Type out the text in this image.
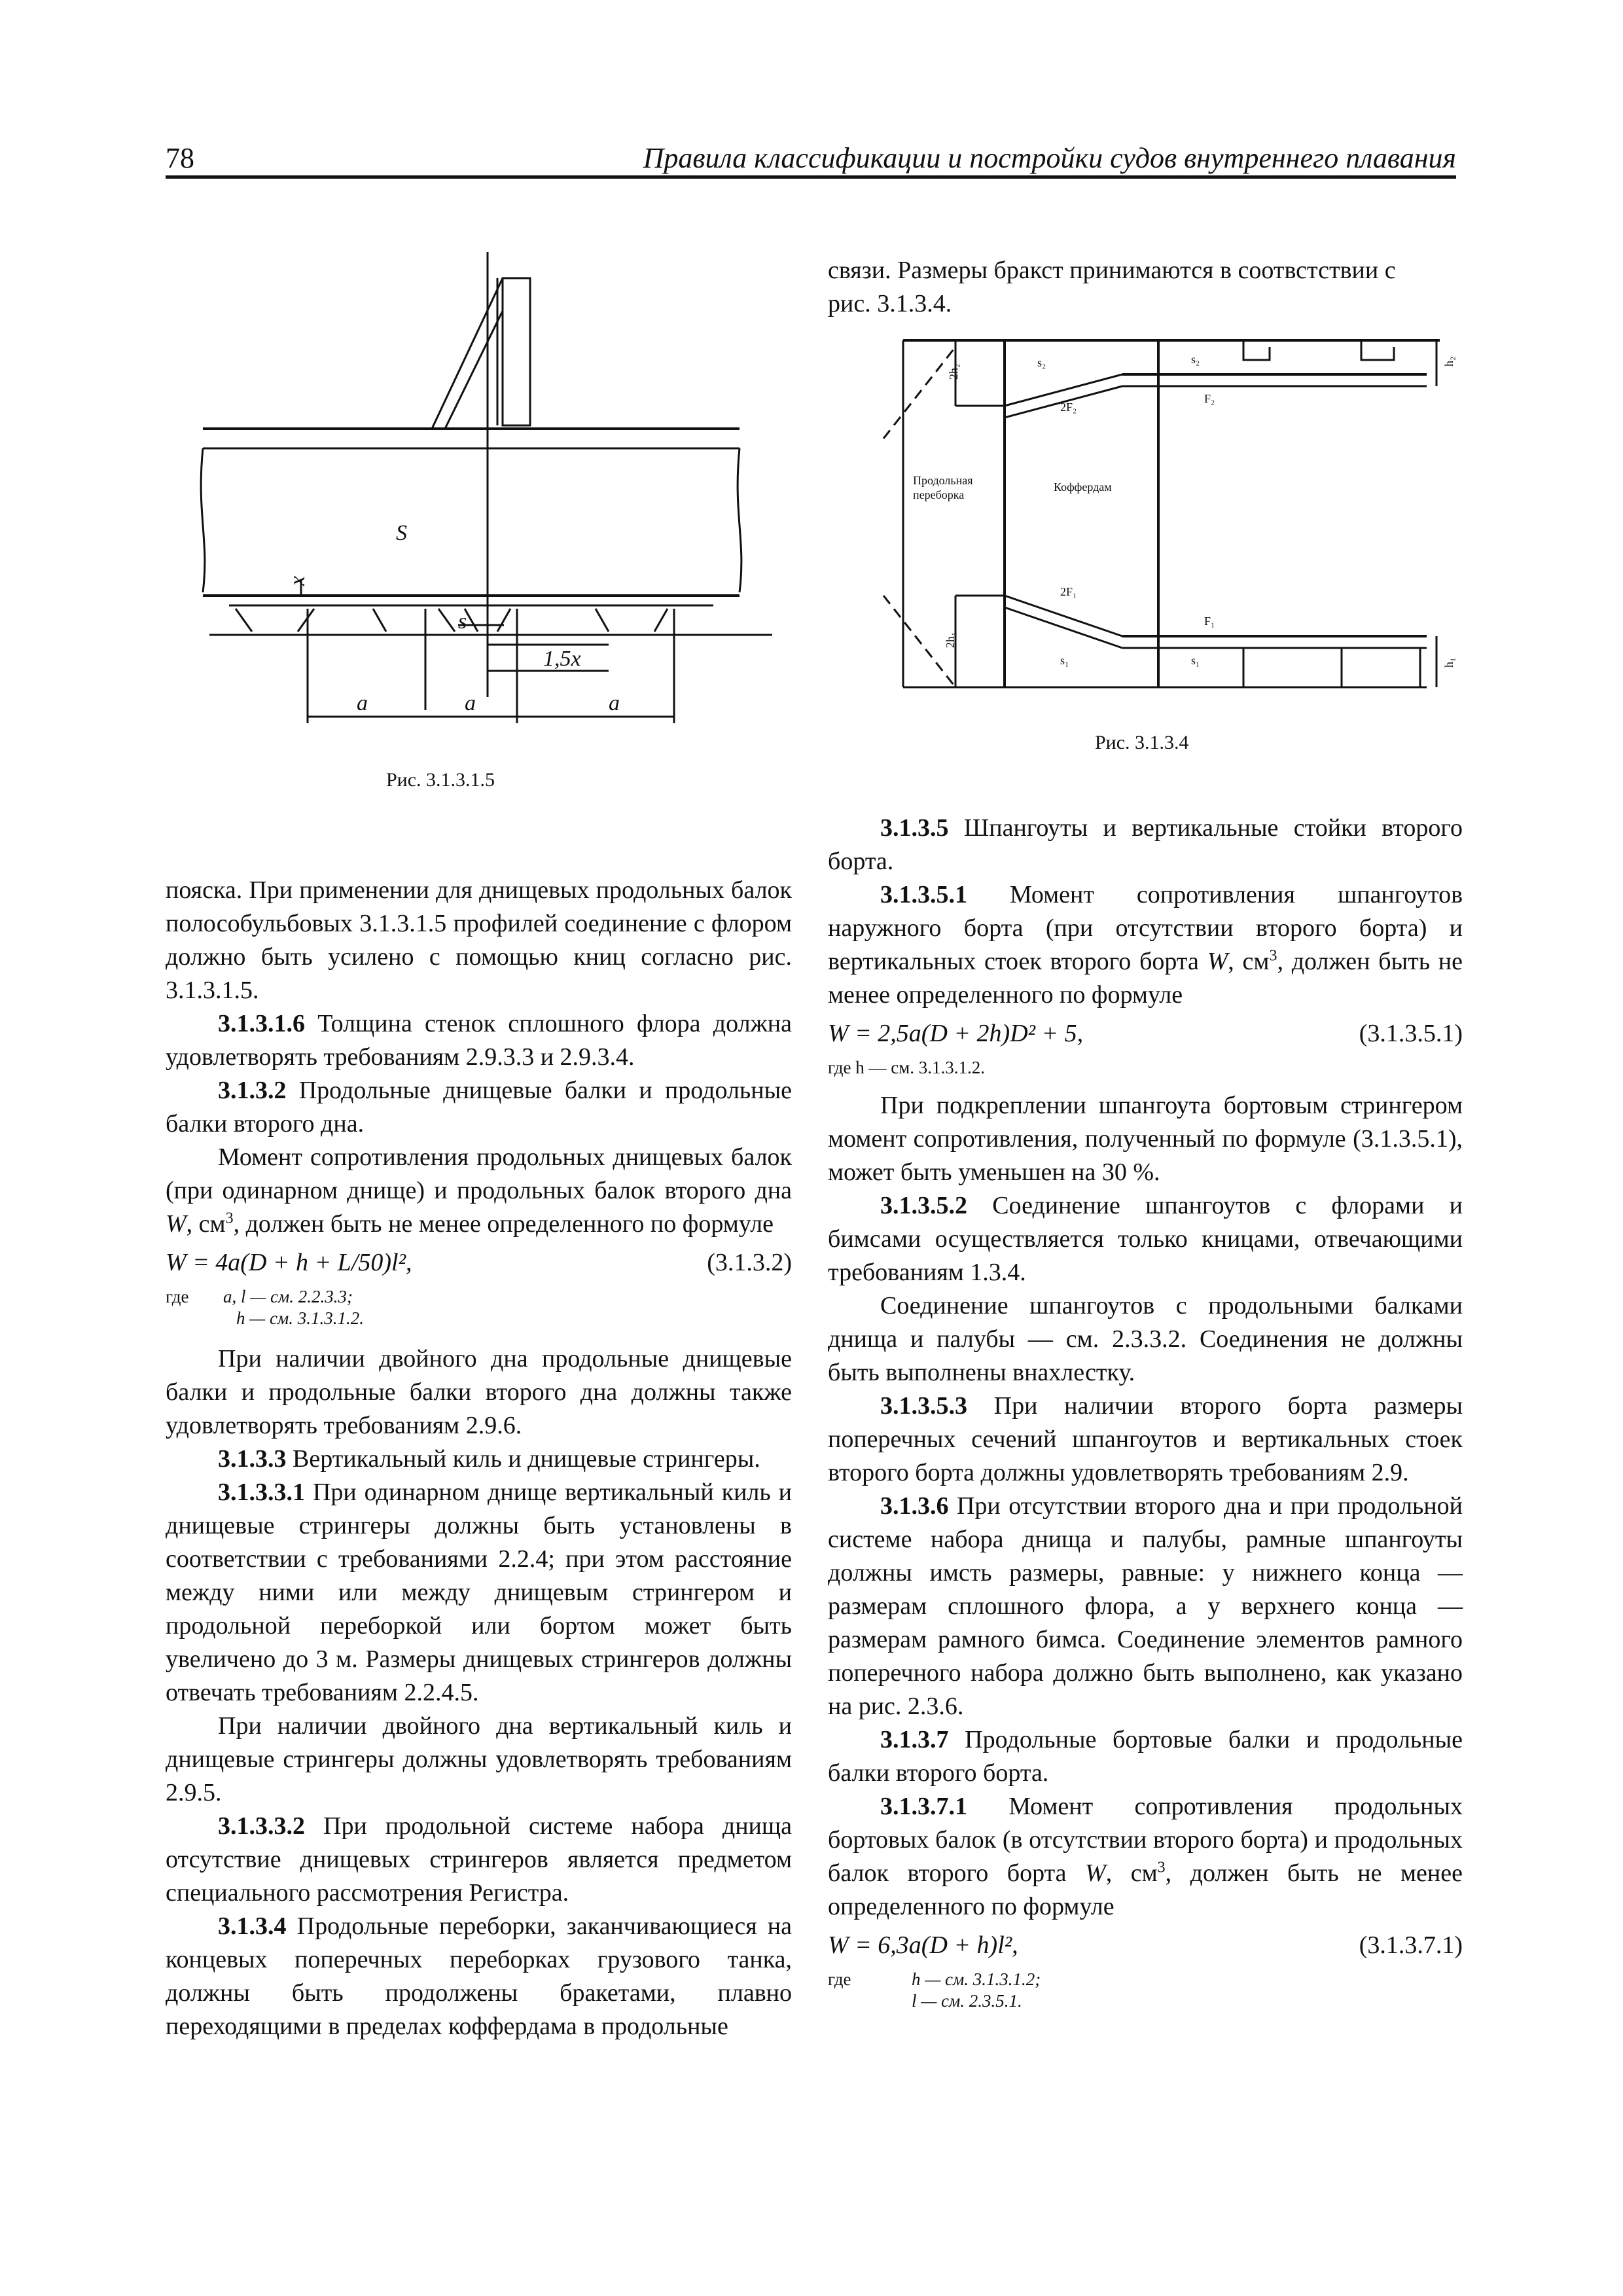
78	Правила классификации и постройки судов внутреннего плавания
S
x
s
1,5x
a	a	a
Рис. 3.1.3.1.5
Продольная
переборка
Коффердам
s₂	s₂
F₂
2F₂
2F₁
F₁
s₁	s₁
2h₂
h₂
2h₁
h₁
Рис. 3.1.3.4

связи. Размеры бракст принимаются в соотвстствии с

рис. 3.1.3.4.

пояска. При применении для днищевых продольных балок полособульбовых 3.1.3.1.5 профилей соединение с флором должно быть усилено с помощью книц согласно рис. 3.1.3.1.5.

3.1.3.1.6 Толщина стенок сплошного флора должна удовлетворять требованиям 2.9.3.3 и 2.9.3.4.

3.1.3.2 Продольные днищевые балки и продольные балки второго дна.

Момент сопротивления продольных днищевых балок (при одинарном днище) и продольных балок второго дна W, $см^3$, должен быть не менее определенного по формуле

W = 4a(D + h + L/50)l²,	(3.1.3.2)
где	a, l — см. 2.2.3.3;
h — см. 3.1.3.1.2.

При наличии двойного дна продольные днищевые балки и продольные балки второго дна должны также удовлетворять требованиям 2.9.6.

3.1.3.3 Вертикальный киль и днищевые стрингеры.

3.1.3.3.1 При одинарном днище вертикальный киль и днищевые стрингеры должны быть установлены в соответствии с требованиями 2.2.4; при этом расстояние между ними или между днищевым стрингером и продольной переборкой или бортом может быть увеличено до 3 м. Размеры днищевых стрингеров должны отвечать требованиям 2.2.4.5.

При наличии двойного дна вертикальный киль и днищевые стрингеры должны удовлетворять требованиям 2.9.5.

3.1.3.3.2 При продольной системе набора днища отсутствие днищевых стрингеров является предметом специального рассмотрения Регистра.

3.1.3.4 Продольные переборки, заканчивающиеся на концевых поперечных переборках грузового танка, должны быть продолжены бракетами, плавно переходящими в пределах коффердама в продольные

3.1.3.5 Шпангоуты и вертикальные стойки второго борта.

3.1.3.5.1 Момент сопротивления шпангоутов наружного борта (при отсутствии второго борта) и вертикальных стоек второго борта W, $см^3$, должен быть не менее определенного по формуле

W = 2,5a(D + 2h)D² + 5,	(3.1.3.5.1)
где h — см. 3.1.3.1.2.

При подкреплении шпангоута бортовым стрингером момент сопротивления, полученный по формуле (3.1.3.5.1), может быть уменьшен на 30 %.

3.1.3.5.2 Соединение шпангоутов с флорами и бимсами осуществляется только кницами, отвечающими требованиям 1.3.4.

Соединение шпангоутов с продольными балками днища и палубы — см. 2.3.3.2. Соединения не должны быть выполнены внахлестку.

3.1.3.5.3 При наличии второго борта размеры поперечных сечений шпангоутов и вертикальных стоек второго борта должны удовлетворять требованиям 2.9.

3.1.3.6 При отсутствии второго дна и при продольной системе набора днища и палубы, рамные шпангоуты должны имсть размеры, равные: у нижнего конца — размерам сплошного флора, а у верхнего конца — размерам рамного бимса. Соединение элементов рамного поперечного набора должно быть выполнено, как указано на рис. 2.3.6.

3.1.3.7 Продольные бортовые балки и продольные балки второго борта.

3.1.3.7.1 Момент сопротивления продольных бортовых балок (в отсутствии второго борта) и продольных балок второго борта W, $см^3$, должен быть не менее определенного по формуле

W = 6,3a(D + h)l²,	(3.1.3.7.1)
где	h — см. 3.1.3.1.2;
l — см. 2.3.5.1.
